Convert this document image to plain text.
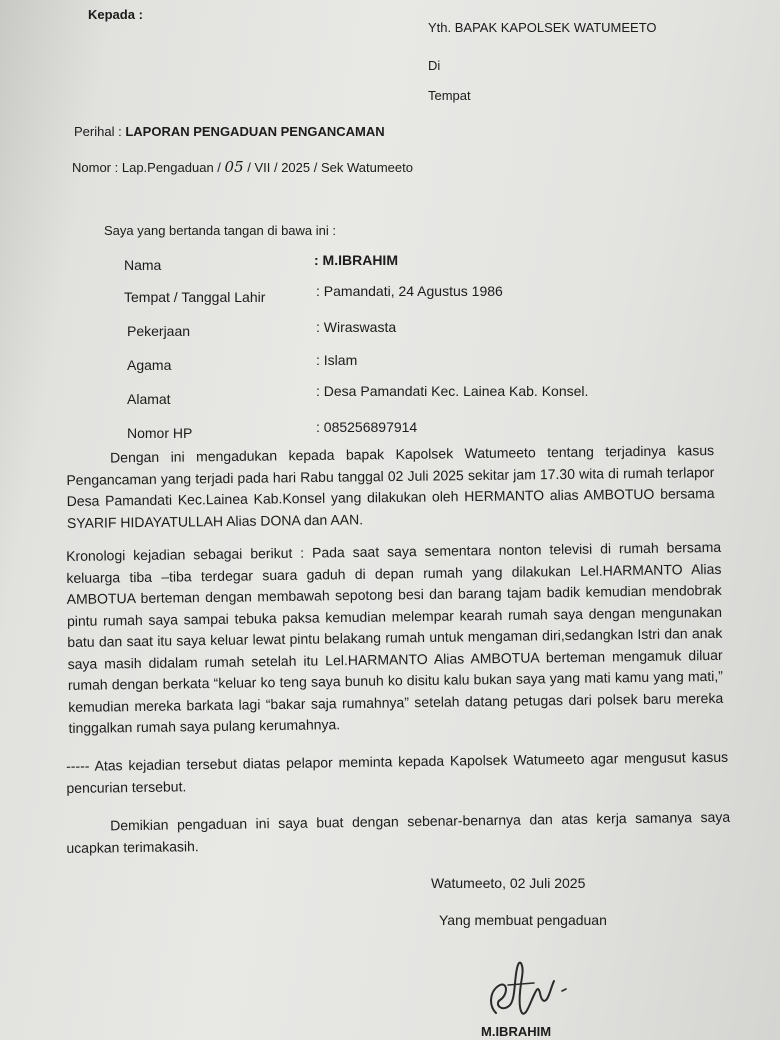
Kepada :
Yth. BAPAK KAPOLSEK WATUMEETO
Di
Tempat
Perihal : LAPORAN PENGADUAN PENGANCAMAN
Nomor : Lap.Pengaduan / 05 / VII / 2025 / Sek Watumeeto
Saya yang bertanda tangan di bawa ini :
Nama	: M.IBRAHIM
Tempat / Tanggal Lahir	: Pamandati, 24 Agustus 1986
Pekerjaan	: Wiraswasta
Agama	: Islam
Alamat	: Desa Pamandati Kec. Lainea Kab. Konsel.
Nomor HP	: 085256897914
Dengan ini mengadukan kepada bapak Kapolsek Watumeeto tentang terjadinya kasus Pengancaman yang terjadi pada hari Rabu tanggal 02 Juli 2025 sekitar jam 17.30 wita di rumah terlapor Desa Pamandati Kec.Lainea Kab.Konsel yang dilakukan oleh HERMANTO alias AMBOTUO bersama SYARIF HIDAYATULLAH Alias DONA dan AAN.
Kronologi kejadian sebagai berikut : Pada saat saya sementara nonton televisi di rumah bersama keluarga tiba –tiba terdegar suara gaduh di depan rumah yang dilakukan Lel.HARMANTO Alias AMBOTUA berteman dengan membawah sepotong besi dan barang tajam badik kemudian mendobrak pintu rumah saya sampai tebuka paksa kemudian melempar kearah rumah saya dengan mengunakan batu dan saat itu saya keluar lewat pintu belakang rumah untuk mengaman diri,sedangkan Istri dan anak saya masih didalam rumah setelah itu Lel.HARMANTO Alias AMBOTUA berteman mengamuk diluar rumah dengan berkata “keluar ko teng saya bunuh ko disitu kalu bukan saya yang mati kamu yang mati,” kemudian mereka barkata lagi “bakar saja rumahnya” setelah datang petugas dari polsek baru mereka tinggalkan rumah saya pulang kerumahnya.
----- Atas kejadian tersebut diatas pelapor meminta kepada Kapolsek Watumeeto agar mengusut kasus pencurian tersebut.
Demikian pengaduan ini saya buat dengan sebenar-benarnya dan atas kerja samanya saya ucapkan terimakasih.
Watumeeto, 02 Juli 2025
Yang membuat pengaduan
M.IBRAHIM
